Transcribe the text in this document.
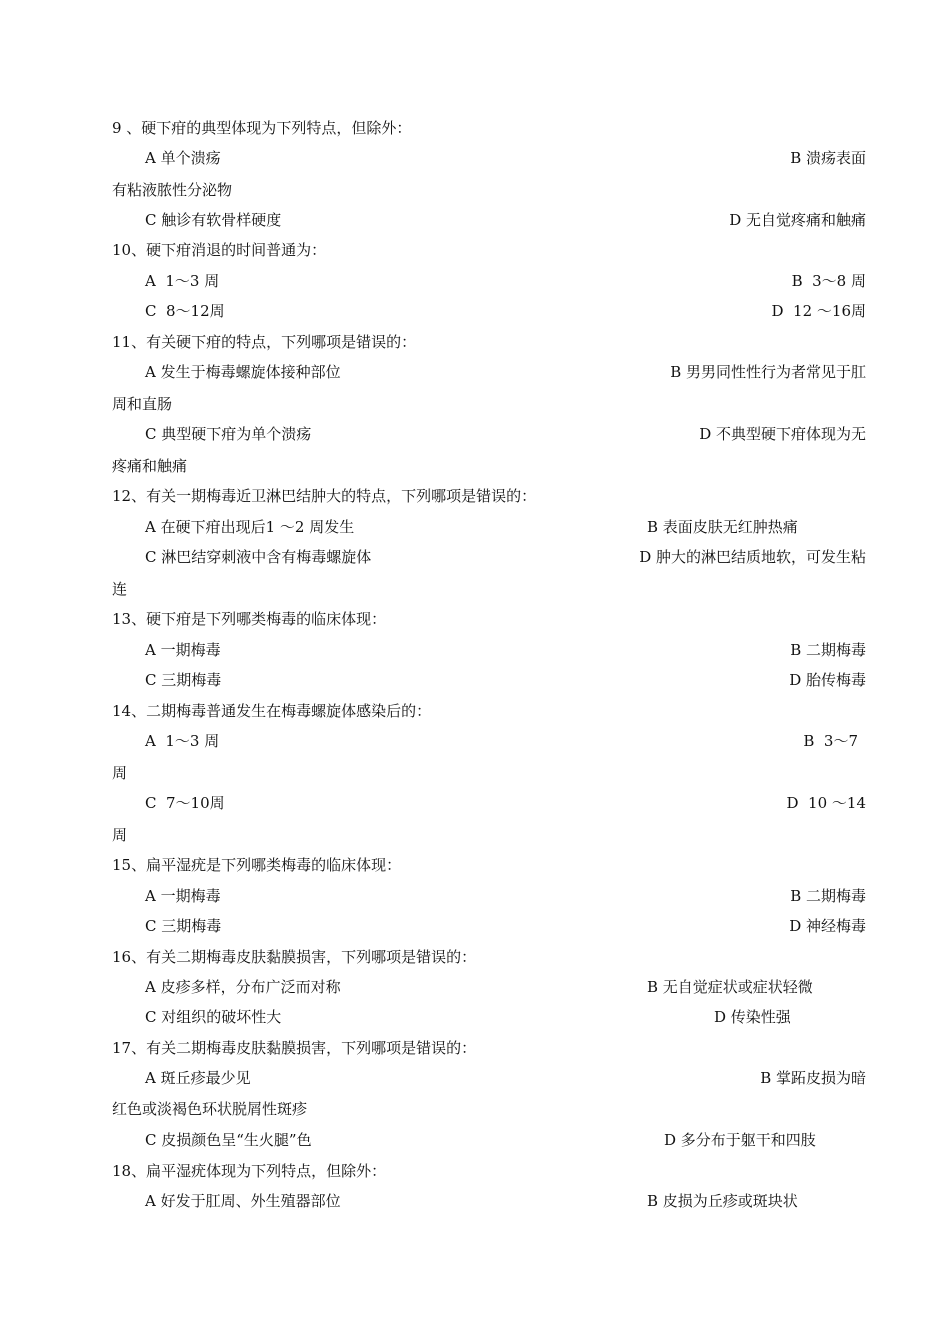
9 、硬下疳的典型体现为下列特点，但除外：
A 单个溃疡	B 溃疡表面
有粘液脓性分泌物
C 触诊有软骨样硬度	D 无自觉疼痛和触痛
10、硬下疳消退的时间普通为：
A  1～3 周	B  3～8 周
C  8～12周	D  12 ～16周
11、有关硬下疳的特点，下列哪项是错误的：
A 发生于梅毒螺旋体接种部位	B 男男同性性行为者常见于肛
周和直肠
C 典型硬下疳为单个溃疡	D 不典型硬下疳体现为无
疼痛和触痛
12、有关一期梅毒近卫淋巴结肿大的特点，下列哪项是错误的：
A 在硬下疳出现后1 ～2 周发生	B 表面皮肤无红肿热痛
C 淋巴结穿刺液中含有梅毒螺旋体	D 肿大的淋巴结质地软，可发生粘
连
13、硬下疳是下列哪类梅毒的临床体现：
A 一期梅毒	B 二期梅毒
C 三期梅毒	D 胎传梅毒
14、二期梅毒普通发生在梅毒螺旋体感染后的：
A  1～3 周	B  3～7
周
C  7～10周	D  10 ～14
周
15、扁平湿疣是下列哪类梅毒的临床体现：
A 一期梅毒	B 二期梅毒
C 三期梅毒	D 神经梅毒
16、有关二期梅毒皮肤黏膜损害，下列哪项是错误的：
A 皮疹多样，分布广泛而对称	B 无自觉症状或症状轻微
C 对组织的破坏性大	D 传染性强
17、有关二期梅毒皮肤黏膜损害，下列哪项是错误的：
A 斑丘疹最少见	B 掌跖皮损为暗
红色或淡褐色环状脱屑性斑疹
C 皮损颜色呈“生火腿”色	D 多分布于躯干和四肢
18、扁平湿疣体现为下列特点，但除外：
A 好发于肛周、外生殖器部位	B 皮损为丘疹或斑块状
